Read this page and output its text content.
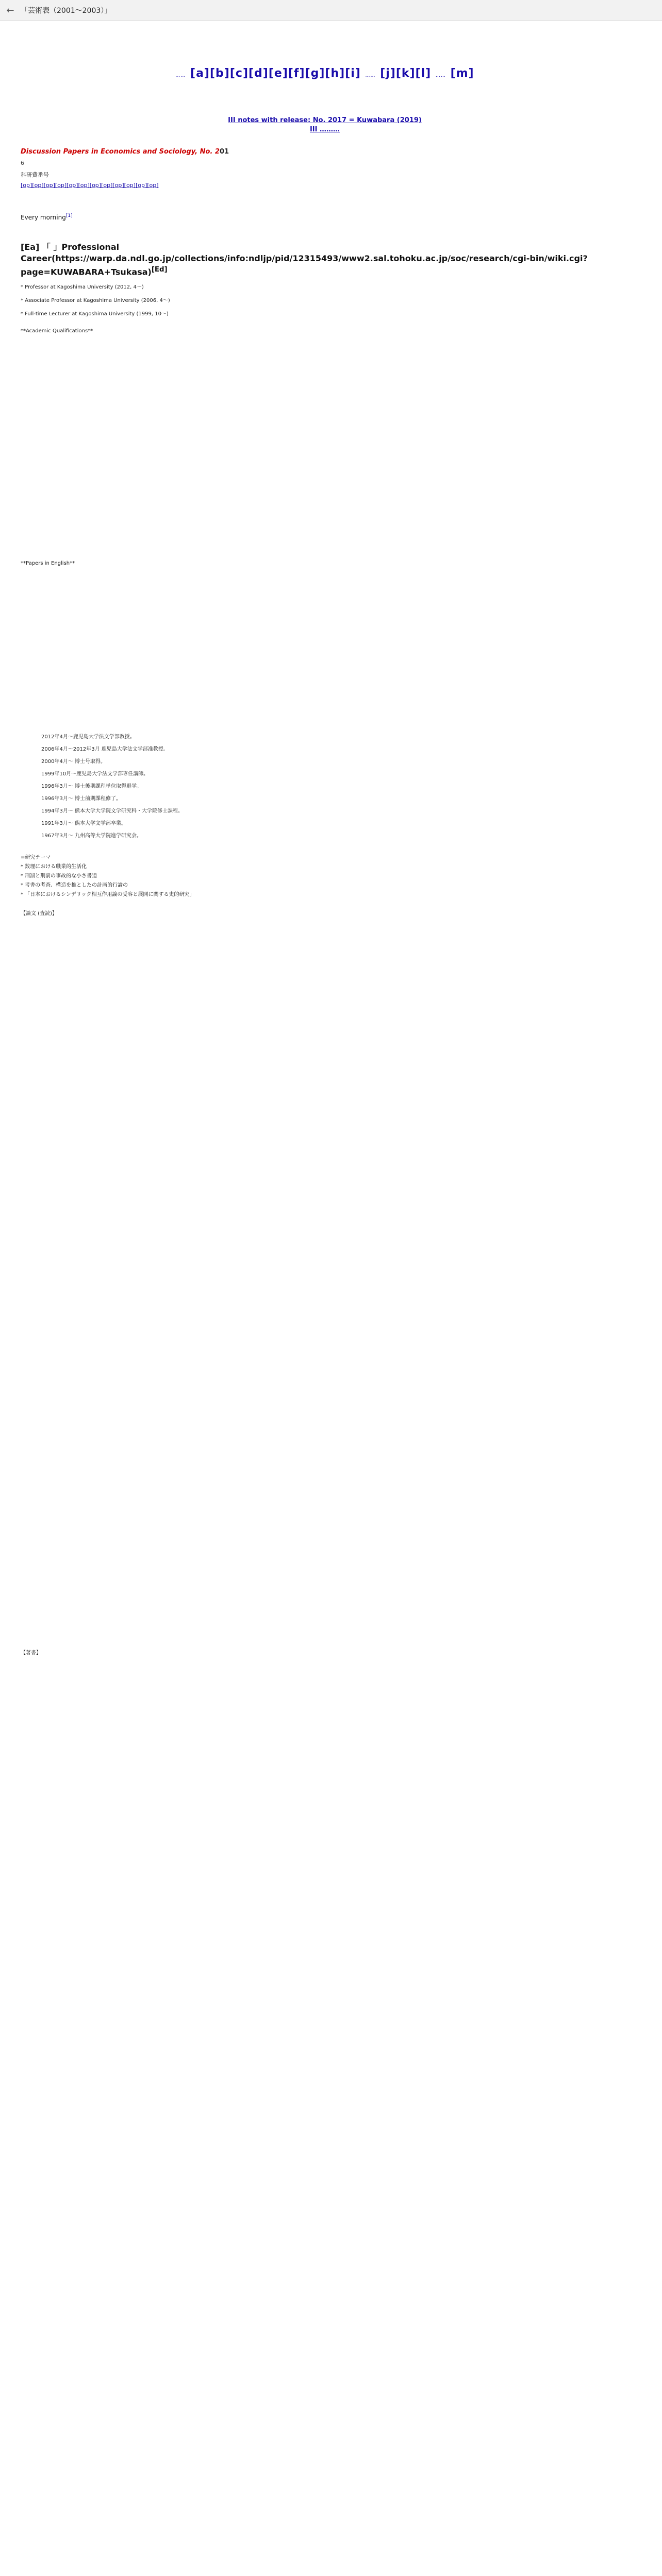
← 「芸術表（2001〜2003）」
…… [a][b][c][d][e][f][g][h][i] …… [j][k][l] …… [m]
III notes with release: No. 2017 = Kuwabara (2019)
III ………
Discussion Papers in Economics and Sociology, No. 201
6
科研費番号
[op][op][op][op][op][op][op][op][op][op][op][op]
Every morning[1]
[Ea] 「 」Professional Career(https://warp.da.ndl.go.jp/collections/info:ndljp/pid/12315493/www2.sal.tohoku.ac.jp/soc/research/cgi-bin/wiki.cgi?page=KUWABARA+Tsukasa)[Ed]
* Professor at Kagoshima University (2012, 4〜)
* Associate Professor at Kagoshima University (2006, 4〜)
* Full-time Lecturer at Kagoshima University (1999, 10〜)
**Academic Qualifications**
**Papers in English**
2012年4月〜鹿児島大学法文学部教授。
2006年4月〜2012年3月 鹿児島大学法文学部准教授。
2000年4月〜 博士号取得。
1999年10月〜鹿児島大学法文学部専任講師。
1996年3月〜 博士後期課程単位取得退学。
1996年3月〜 博士前期課程修了。
1994年3月〜 熊本大学大学院文学研究科・大学院修士課程。
1991年3月〜 熊本大学文学部卒業。
1967年3月〜 九州高等大学院進学研究会。
=研究テーマ
* 数理における職業的生活化
* 刑罰と刑罰の事故的な小さ書道
* 考書の考査、構造を推としたの計画的行論の
* 「日本におけるシンデリック相互作用論の受容と展開に関する史的研究」
【論文 (査読)】
【著書】
